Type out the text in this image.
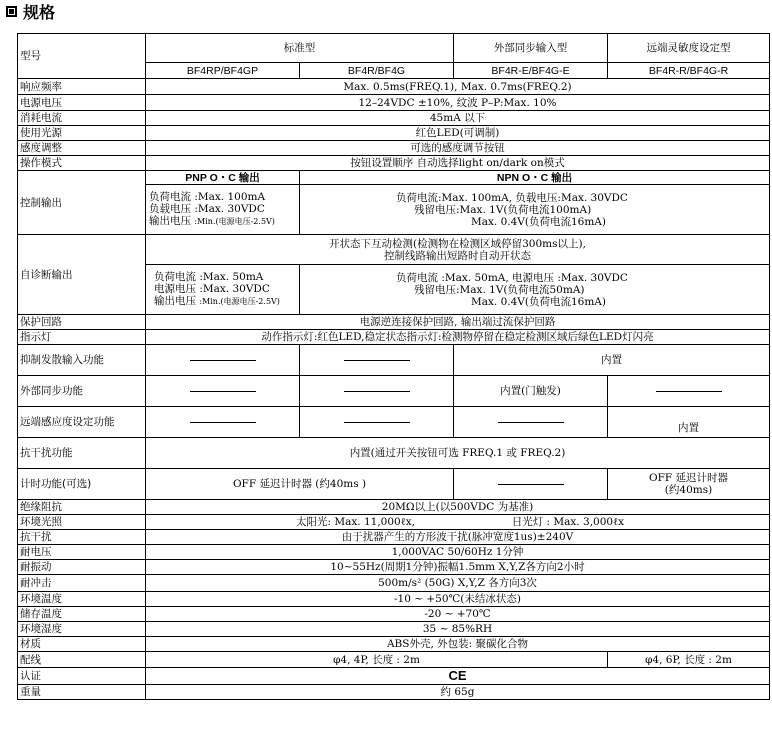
规格
型号	标准型		外部同步输入型	远端灵敏度设定型
	BF4RP/BF4GP	BF4R/BF4G	BF4R-E/BF4G-E	BF4R-R/BF4G-R
响应频率	Max. 0.5ms(FREQ.1), Max. 0.7ms(FREQ.2)			
电源电压	12–24VDC ±10%, 纹波 P–P:Max. 10%			
消耗电流	45mA 以下			
使用光源	红色LED(可调制)			
感度调整	可选的感度调节按钮			
操作模式	按钮设置顺序 自动选择light on/dark on模式			
控制输出	PNP O・C 输出	NPN O・C 输出		

	负荷电流 :Max. 100mA
负载电压 :Max. 30VDC
输出电压 :Min.(电源电压-2.5V)	负荷电流:Max. 100mA, 负载电压:Max. 30VDC
残留电压:Max. 1V(负荷电流100mA)
Max. 0.4V(负荷电流16mA)		

自诊断输出	开状态下互动检测(检测物在检测区域停留300ms以上),
控制线路输出短路时自动开状态			

	负荷电流 :Max. 50mA
电源电压 :Max. 30VDC
输出电压 :Min.(电源电压-2.5V)	负荷电流 :Max. 50mA, 电源电压 :Max. 30VDC
残留电压:Max. 1V(负荷电流50mA)
Max. 0.4V(负荷电流16mA)		

保护回路	电源逆连接保护回路, 输出端过流保护回路			
指示灯	动作指示灯:红色LED,稳定状态指示灯:检测物停留在稳定检测区域后绿色LED灯闪亮			
抑制发散输入功能			内置	
外部同步功能			内置(门触发)	
远端感应度设定功能				内置
抗干扰功能	内置(通过开关按钮可选 FREQ.1 或 FREQ.2)			
计时功能(可选)	OFF 延迟计时器 (约40ms )			OFF 延迟计时器
(约40ms)

绝缘阻抗	20MΩ以上(以500VDC 为基准)			
环境光照	太阳光: Max. 11,000ℓx, 日光灯 : Max. 3,000ℓx			
抗干扰	由于扰器产生的方形波干扰(脉冲宽度1us)±240V			
耐电压	1,000VAC 50/60Hz 1分钟			
耐振动	10~55Hz(周期1分钟)振幅1.5mm X,Y,Z各方向2小时			
耐冲击	500m/s² (50G) X,Y,Z 各方向3次			
环境温度	-10 ~ +50℃(未结冰状态)			
储存温度	-20 ~ +70℃			
环境湿度	35 ~ 85%RH			
材质	ABS外壳, 外包装: 聚碳化合物			
配线	φ4, 4P, 长度 : 2m			φ4, 6P, 长度 : 2m
认证	CE			
重量	约 65g			
